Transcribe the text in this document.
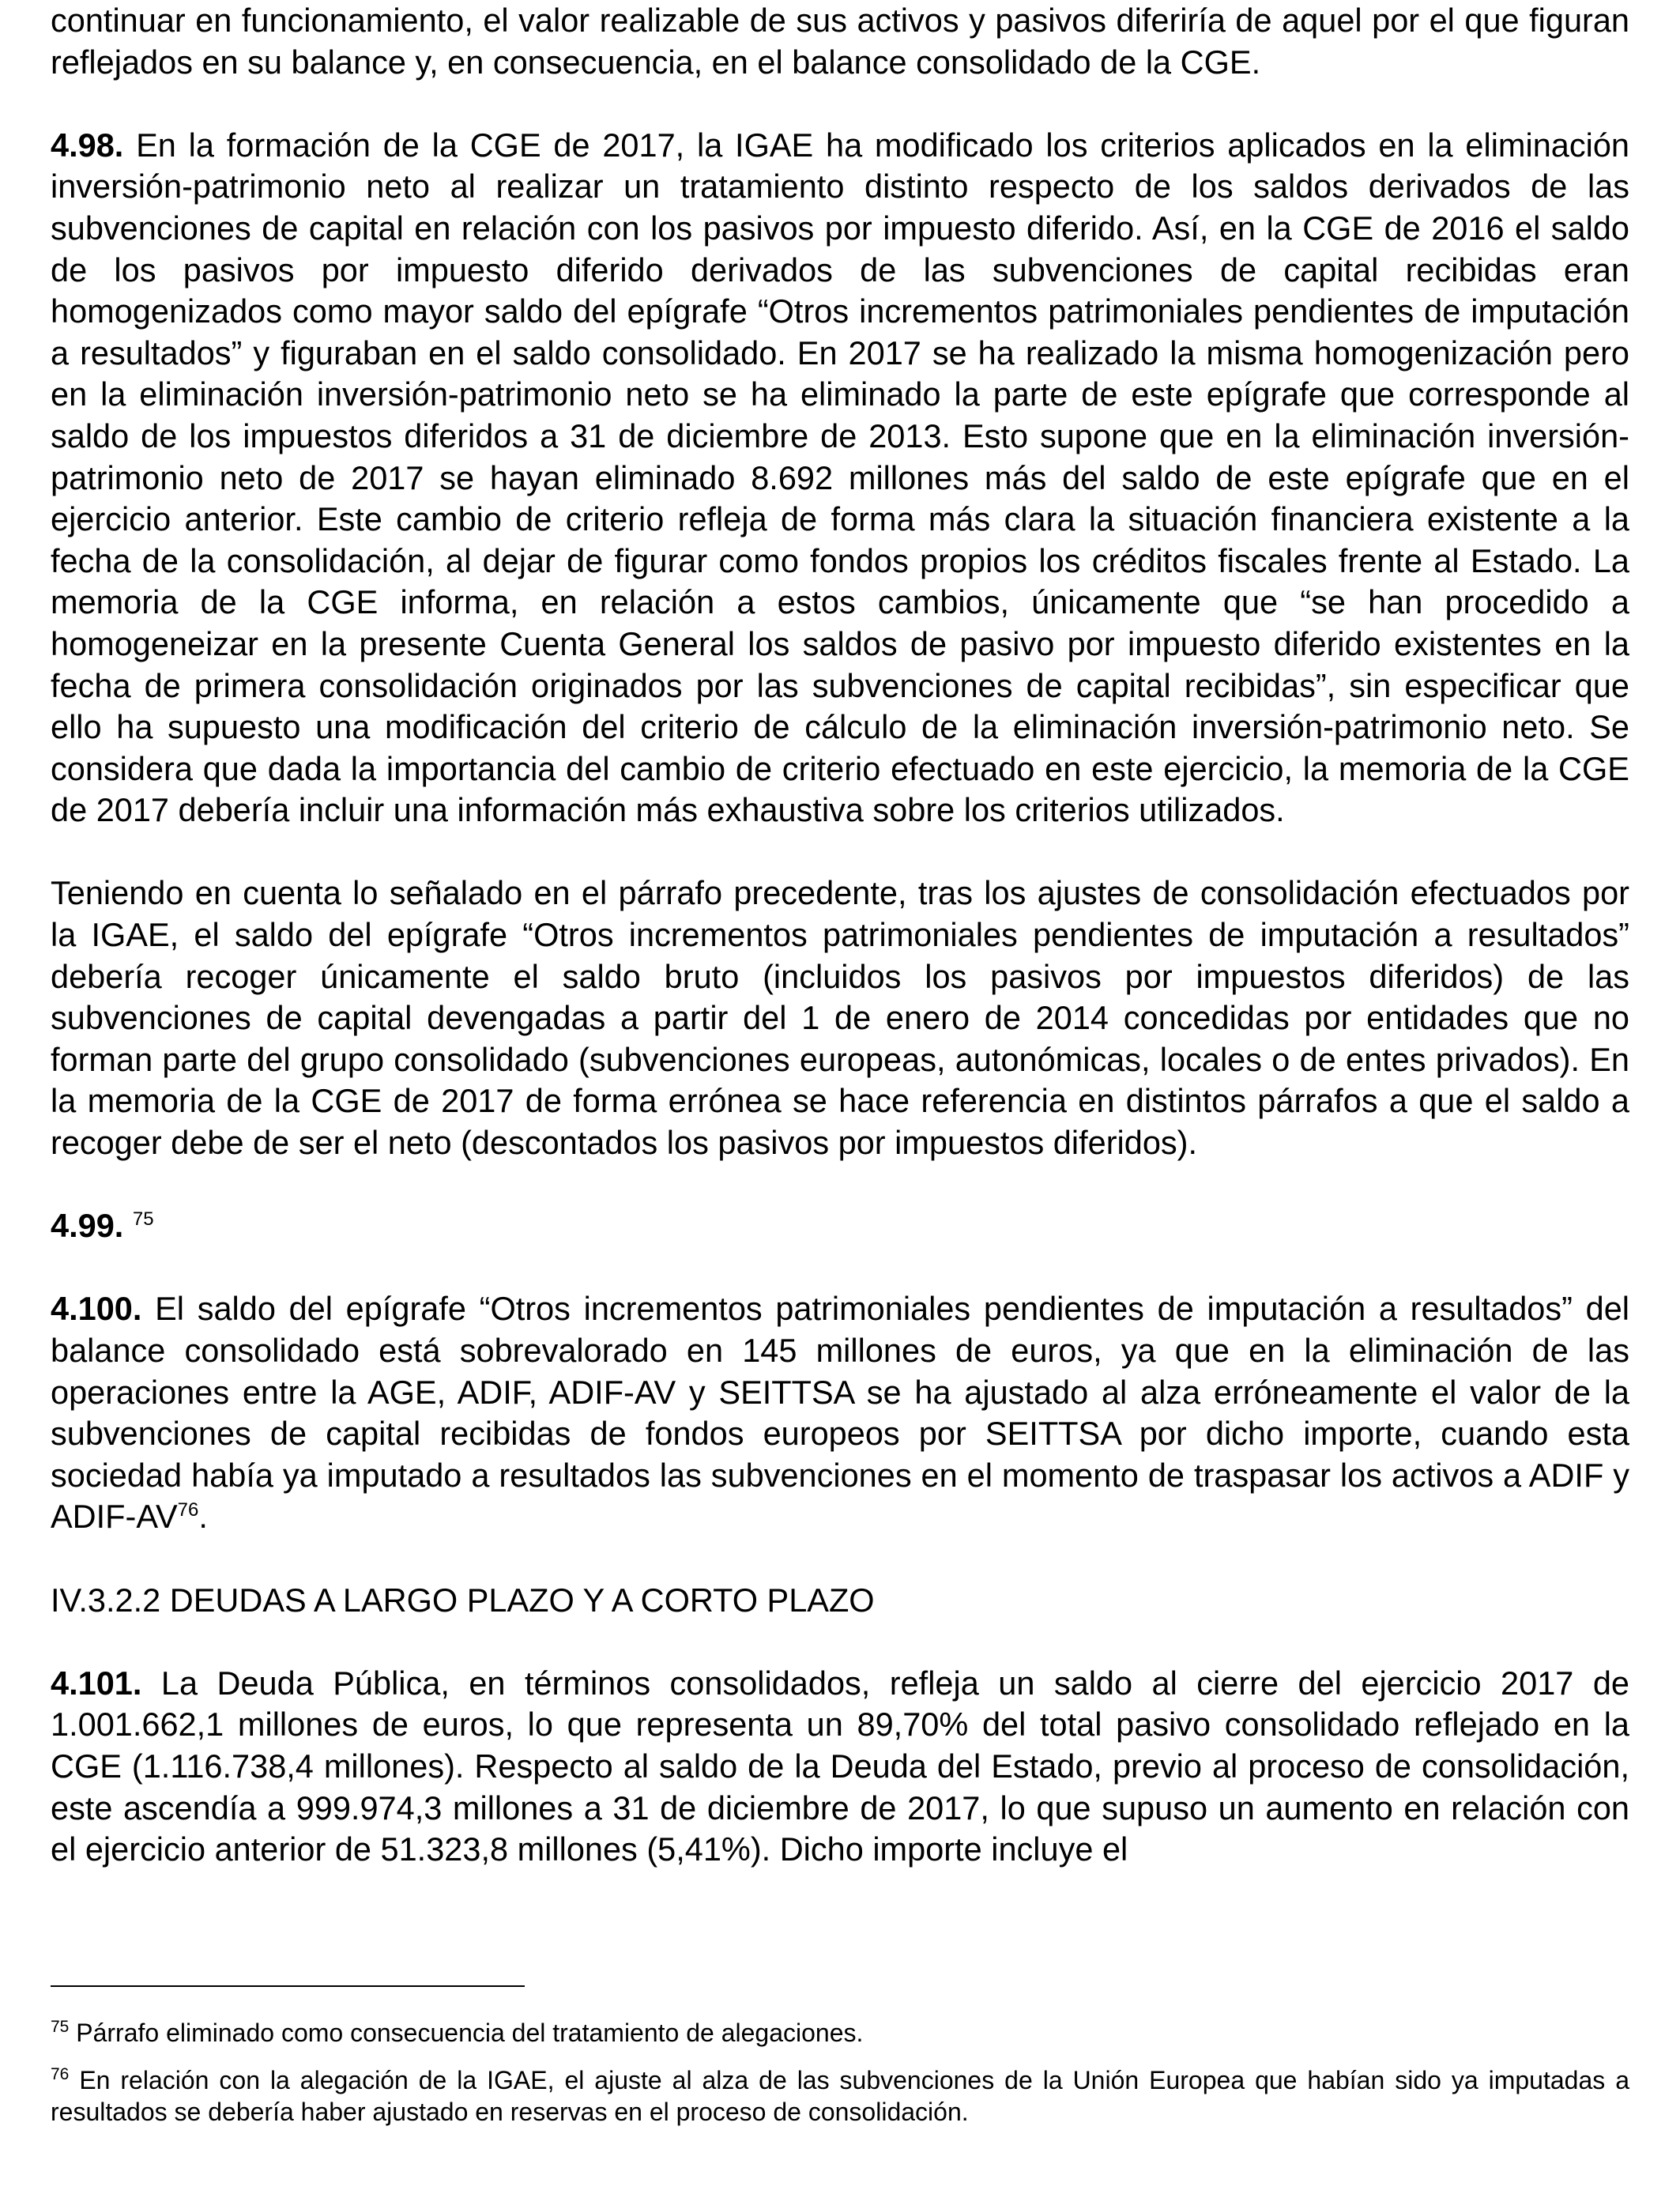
continuar en funcionamiento, el valor realizable de sus activos y pasivos diferiría de aquel por el que figuran reflejados en su balance y, en consecuencia, en el balance consolidado de la CGE.

4.98. En la formación de la CGE de 2017, la IGAE ha modificado los criterios aplicados en la eliminación inversión-patrimonio neto al realizar un tratamiento distinto respecto de los saldos derivados de las subvenciones de capital en relación con los pasivos por impuesto diferido. Así, en la CGE de 2016 el saldo de los pasivos por impuesto diferido derivados de las subvenciones de capital recibidas eran homogenizados como mayor saldo del epígrafe “Otros incrementos patrimoniales pendientes de imputación a resultados” y figuraban en el saldo consolidado. En 2017 se ha realizado la misma homogenización pero en la eliminación inversión-patrimonio neto se ha eliminado la parte de este epígrafe que corresponde al saldo de los impuestos diferidos a 31 de diciembre de 2013. Esto supone que en la eliminación inversión-patrimonio neto de 2017 se hayan eliminado 8.692 millones más del saldo de este epígrafe que en el ejercicio anterior. Este cambio de criterio refleja de forma más clara la situación financiera existente a la fecha de la consolidación, al dejar de figurar como fondos propios los créditos fiscales frente al Estado. La memoria de la CGE informa, en relación a estos cambios, únicamente que “se han procedido a homogeneizar en la presente Cuenta General los saldos de pasivo por impuesto diferido existentes en la fecha de primera consolidación originados por las subvenciones de capital recibidas”, sin especificar que ello ha supuesto una modificación del criterio de cálculo de la eliminación inversión-patrimonio neto. Se considera que dada la importancia del cambio de criterio efectuado en este ejercicio, la memoria de la CGE de 2017 debería incluir una información más exhaustiva sobre los criterios utilizados.

Teniendo en cuenta lo señalado en el párrafo precedente, tras los ajustes de consolidación efectuados por la IGAE, el saldo del epígrafe “Otros incrementos patrimoniales pendientes de imputación a resultados” debería recoger únicamente el saldo bruto (incluidos los pasivos por impuestos diferidos) de las subvenciones de capital devengadas a partir del 1 de enero de 2014 concedidas por entidades que no forman parte del grupo consolidado (subvenciones europeas, autonómicas, locales o de entes privados). En la memoria de la CGE de 2017 de forma errónea se hace referencia en distintos párrafos a que el saldo a recoger debe de ser el neto (descontados los pasivos por impuestos diferidos).

4.99. $^{75}$

4.100. El saldo del epígrafe “Otros incrementos patrimoniales pendientes de imputación a resultados” del balance consolidado está sobrevalorado en 145 millones de euros, ya que en la eliminación de las operaciones entre la AGE, ADIF, ADIF-AV y SEITTSA se ha ajustado al alza erróneamente el valor de la subvenciones de capital recibidas de fondos europeos por SEITTSA por dicho importe, cuando esta sociedad había ya imputado a resultados las subvenciones en el momento de traspasar los activos a ADIF y ADIF-AV$^{76}$.

IV.3.2.2 DEUDAS A LARGO PLAZO Y A CORTO PLAZO

4.101. La Deuda Pública, en términos consolidados, refleja un saldo al cierre del ejercicio 2017 de 1.001.662,1 millones de euros, lo que representa un 89,70% del total pasivo consolidado reflejado en la CGE (1.116.738,4 millones). Respecto al saldo de la Deuda del Estado, previo al proceso de consolidación, este ascendía a 999.974,3 millones a 31 de diciembre de 2017, lo que supuso un aumento en relación con el ejercicio anterior de 51.323,8 millones (5,41%). Dicho importe incluye el

$^{75}$ Párrafo eliminado como consecuencia del tratamiento de alegaciones.

$^{76}$ En relación con la alegación de la IGAE, el ajuste al alza de las subvenciones de la Unión Europea que habían sido ya imputadas a resultados se debería haber ajustado en reservas en el proceso de consolidación.
